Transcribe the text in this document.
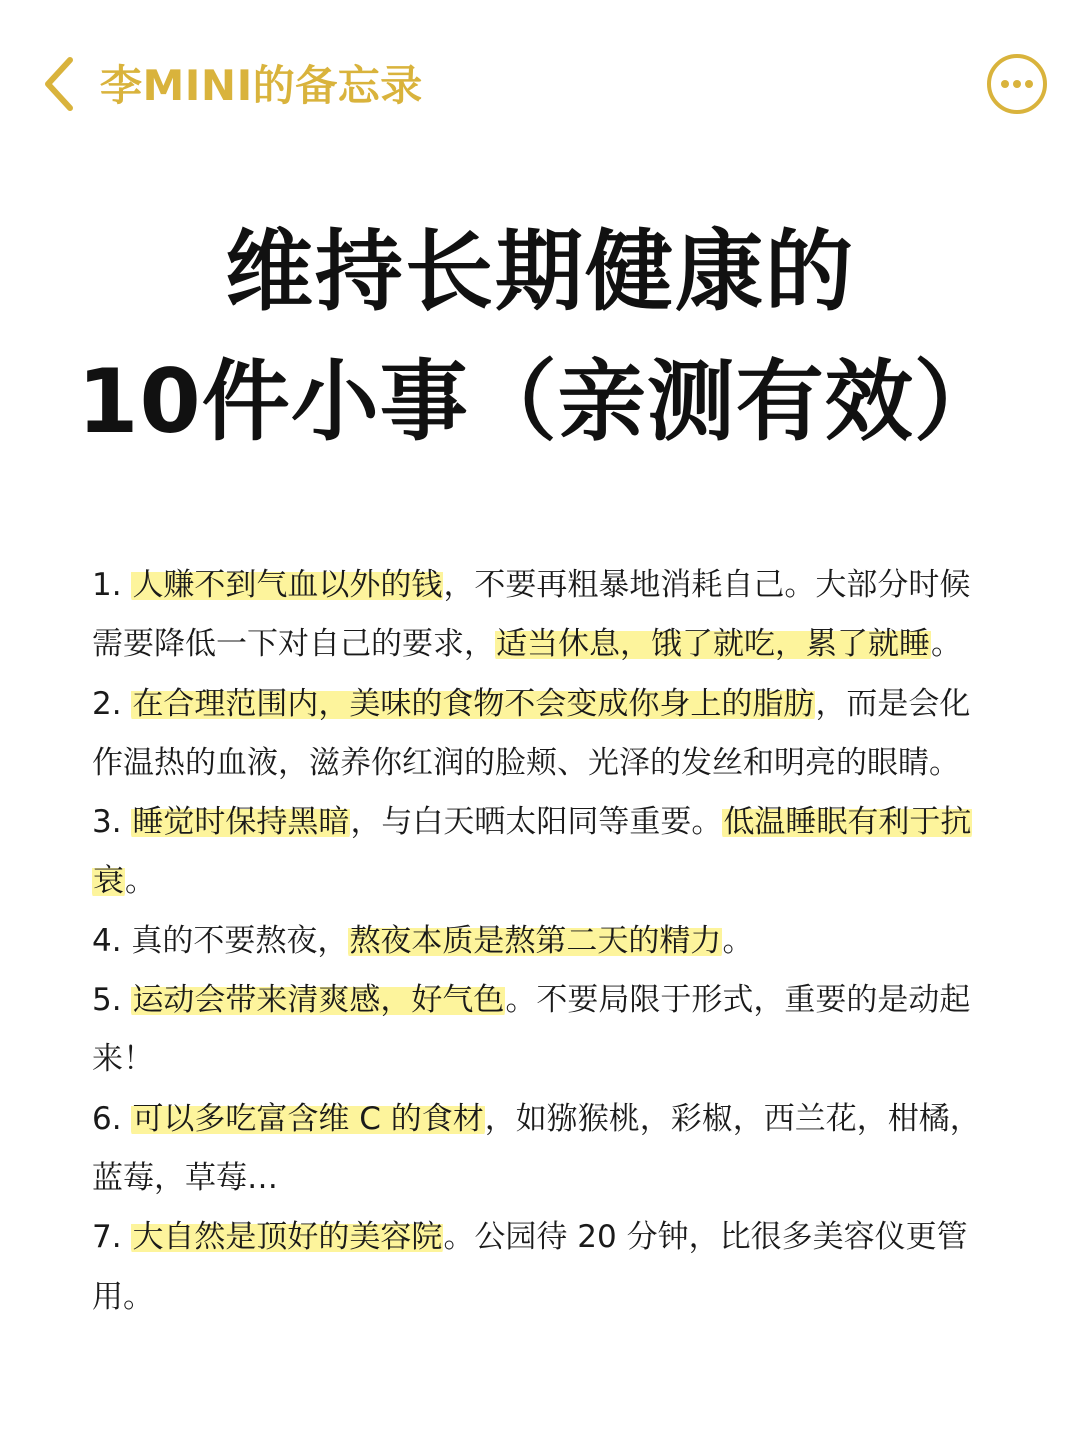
李MINI的备忘录
维持长期健康的
10件小事（亲测有效）

1. 人赚不到气血以外的钱，不要再粗暴地消耗自己。大部分时候需要降低一下对自己的要求，适当休息，饿了就吃，累了就睡。

2. 在合理范围内，美味的食物不会变成你身上的脂肪，而是会化作温热的血液，滋养你红润的脸颊、光泽的发丝和明亮的眼睛。

3. 睡觉时保持黑暗，与白天晒太阳同等重要。低温睡眠有利于抗衰。

4. 真的不要熬夜，熬夜本质是熬第二天的精力。

5. 运动会带来清爽感，好气色。不要局限于形式，重要的是动起来！

6. 可以多吃富含维 C 的食材，如猕猴桃，彩椒，西兰花，柑橘，蓝莓，草莓…

7. 大自然是顶好的美容院。公园待 20 分钟，比很多美容仪更管用。
